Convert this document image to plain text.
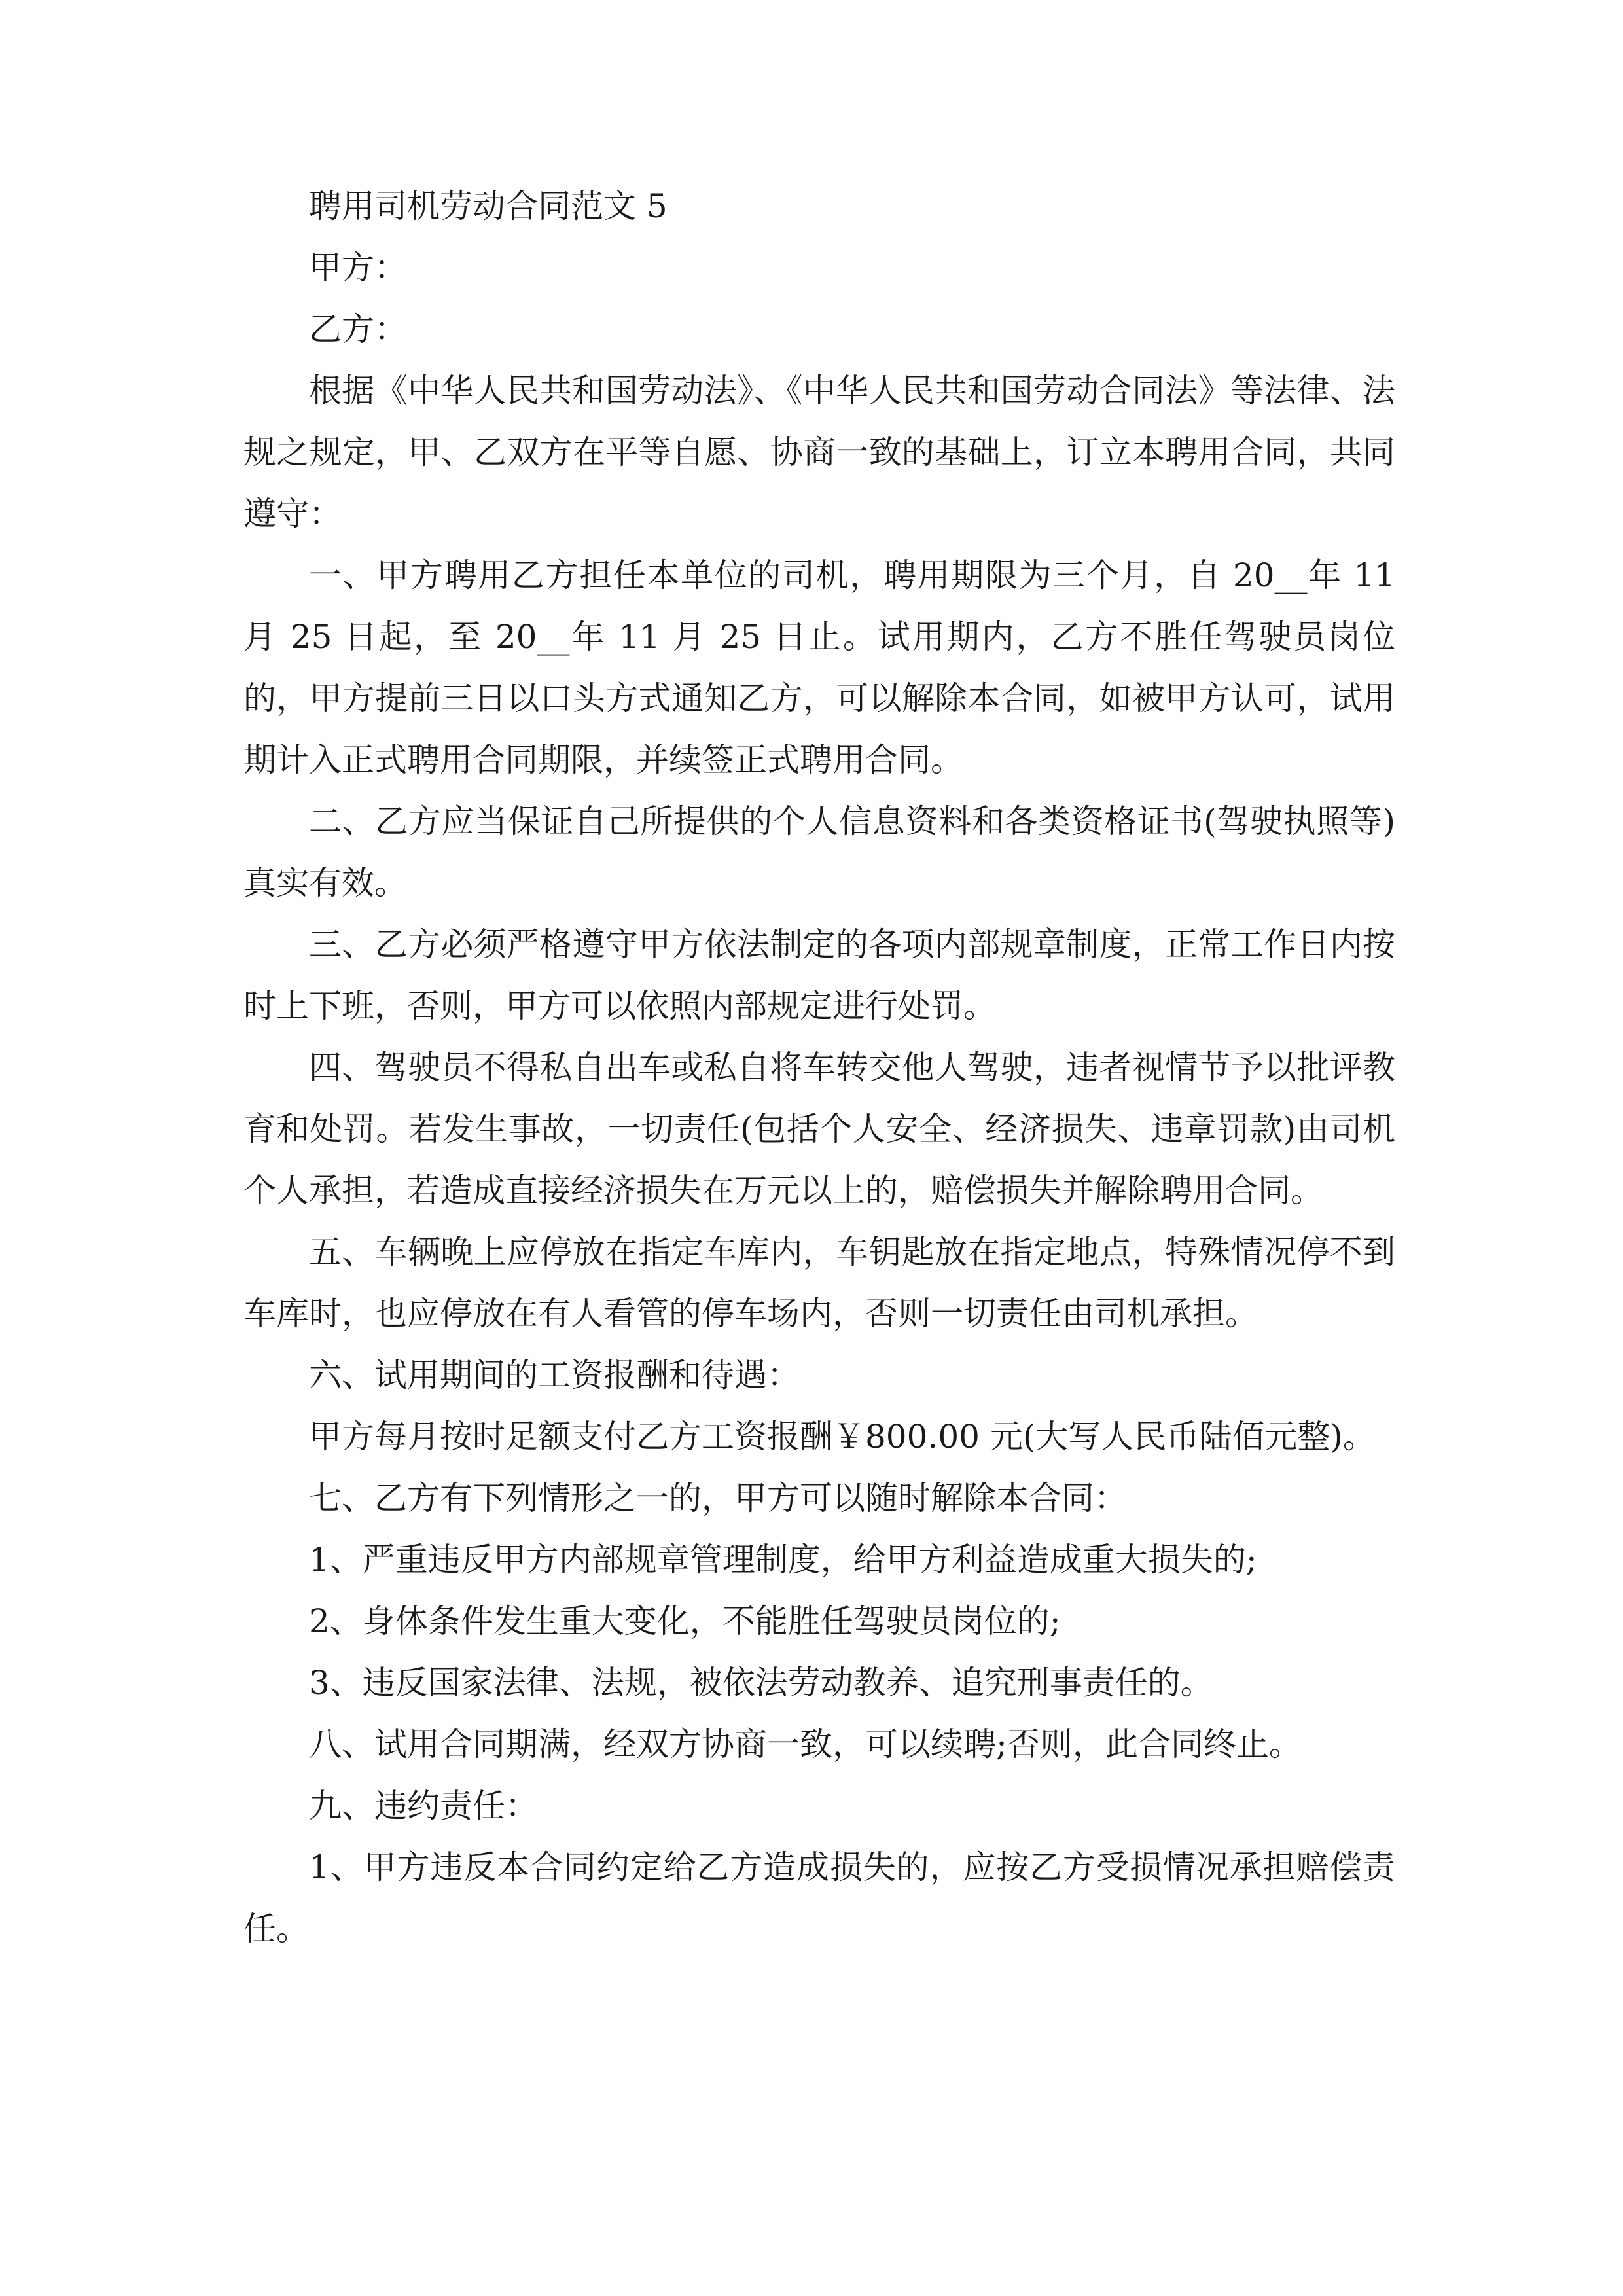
聘用司机劳动合同范文 5

甲方：

乙方：

根据《中华人民共和国劳动法》、《中华人民共和国劳动合同法》等法律、法规之规定，甲、乙双方在平等自愿、协商一致的基础上，订立本聘用合同，共同遵守：

一、甲方聘用乙方担任本单位的司机，聘用期限为三个月，自 20__年 11 月 25 日起，至 20__年 11 月 25 日止。试用期内，乙方不胜任驾驶员岗位的，甲方提前三日以口头方式通知乙方，可以解除本合同，如被甲方认可，试用期计入正式聘用合同期限，并续签正式聘用合同。

二、乙方应当保证自己所提供的个人信息资料和各类资格证书(驾驶执照等)真实有效。

三、乙方必须严格遵守甲方依法制定的各项内部规章制度，正常工作日内按时上下班，否则，甲方可以依照内部规定进行处罚。

四、驾驶员不得私自出车或私自将车转交他人驾驶，违者视情节予以批评教育和处罚。若发生事故，一切责任(包括个人安全、经济损失、违章罚款)由司机个人承担，若造成直接经济损失在万元以上的，赔偿损失并解除聘用合同。

五、车辆晚上应停放在指定车库内，车钥匙放在指定地点，特殊情况停不到车库时，也应停放在有人看管的停车场内，否则一切责任由司机承担。

六、试用期间的工资报酬和待遇：

甲方每月按时足额支付乙方工资报酬￥800.00 元(大写人民币陆佰元整)。

七、乙方有下列情形之一的，甲方可以随时解除本合同：

1、严重违反甲方内部规章管理制度，给甲方利益造成重大损失的;

2、身体条件发生重大变化，不能胜任驾驶员岗位的;

3、违反国家法律、法规，被依法劳动教养、追究刑事责任的。

八、试用合同期满，经双方协商一致，可以续聘;否则，此合同终止。

九、违约责任：

1、甲方违反本合同约定给乙方造成损失的，应按乙方受损情况承担赔偿责任。
